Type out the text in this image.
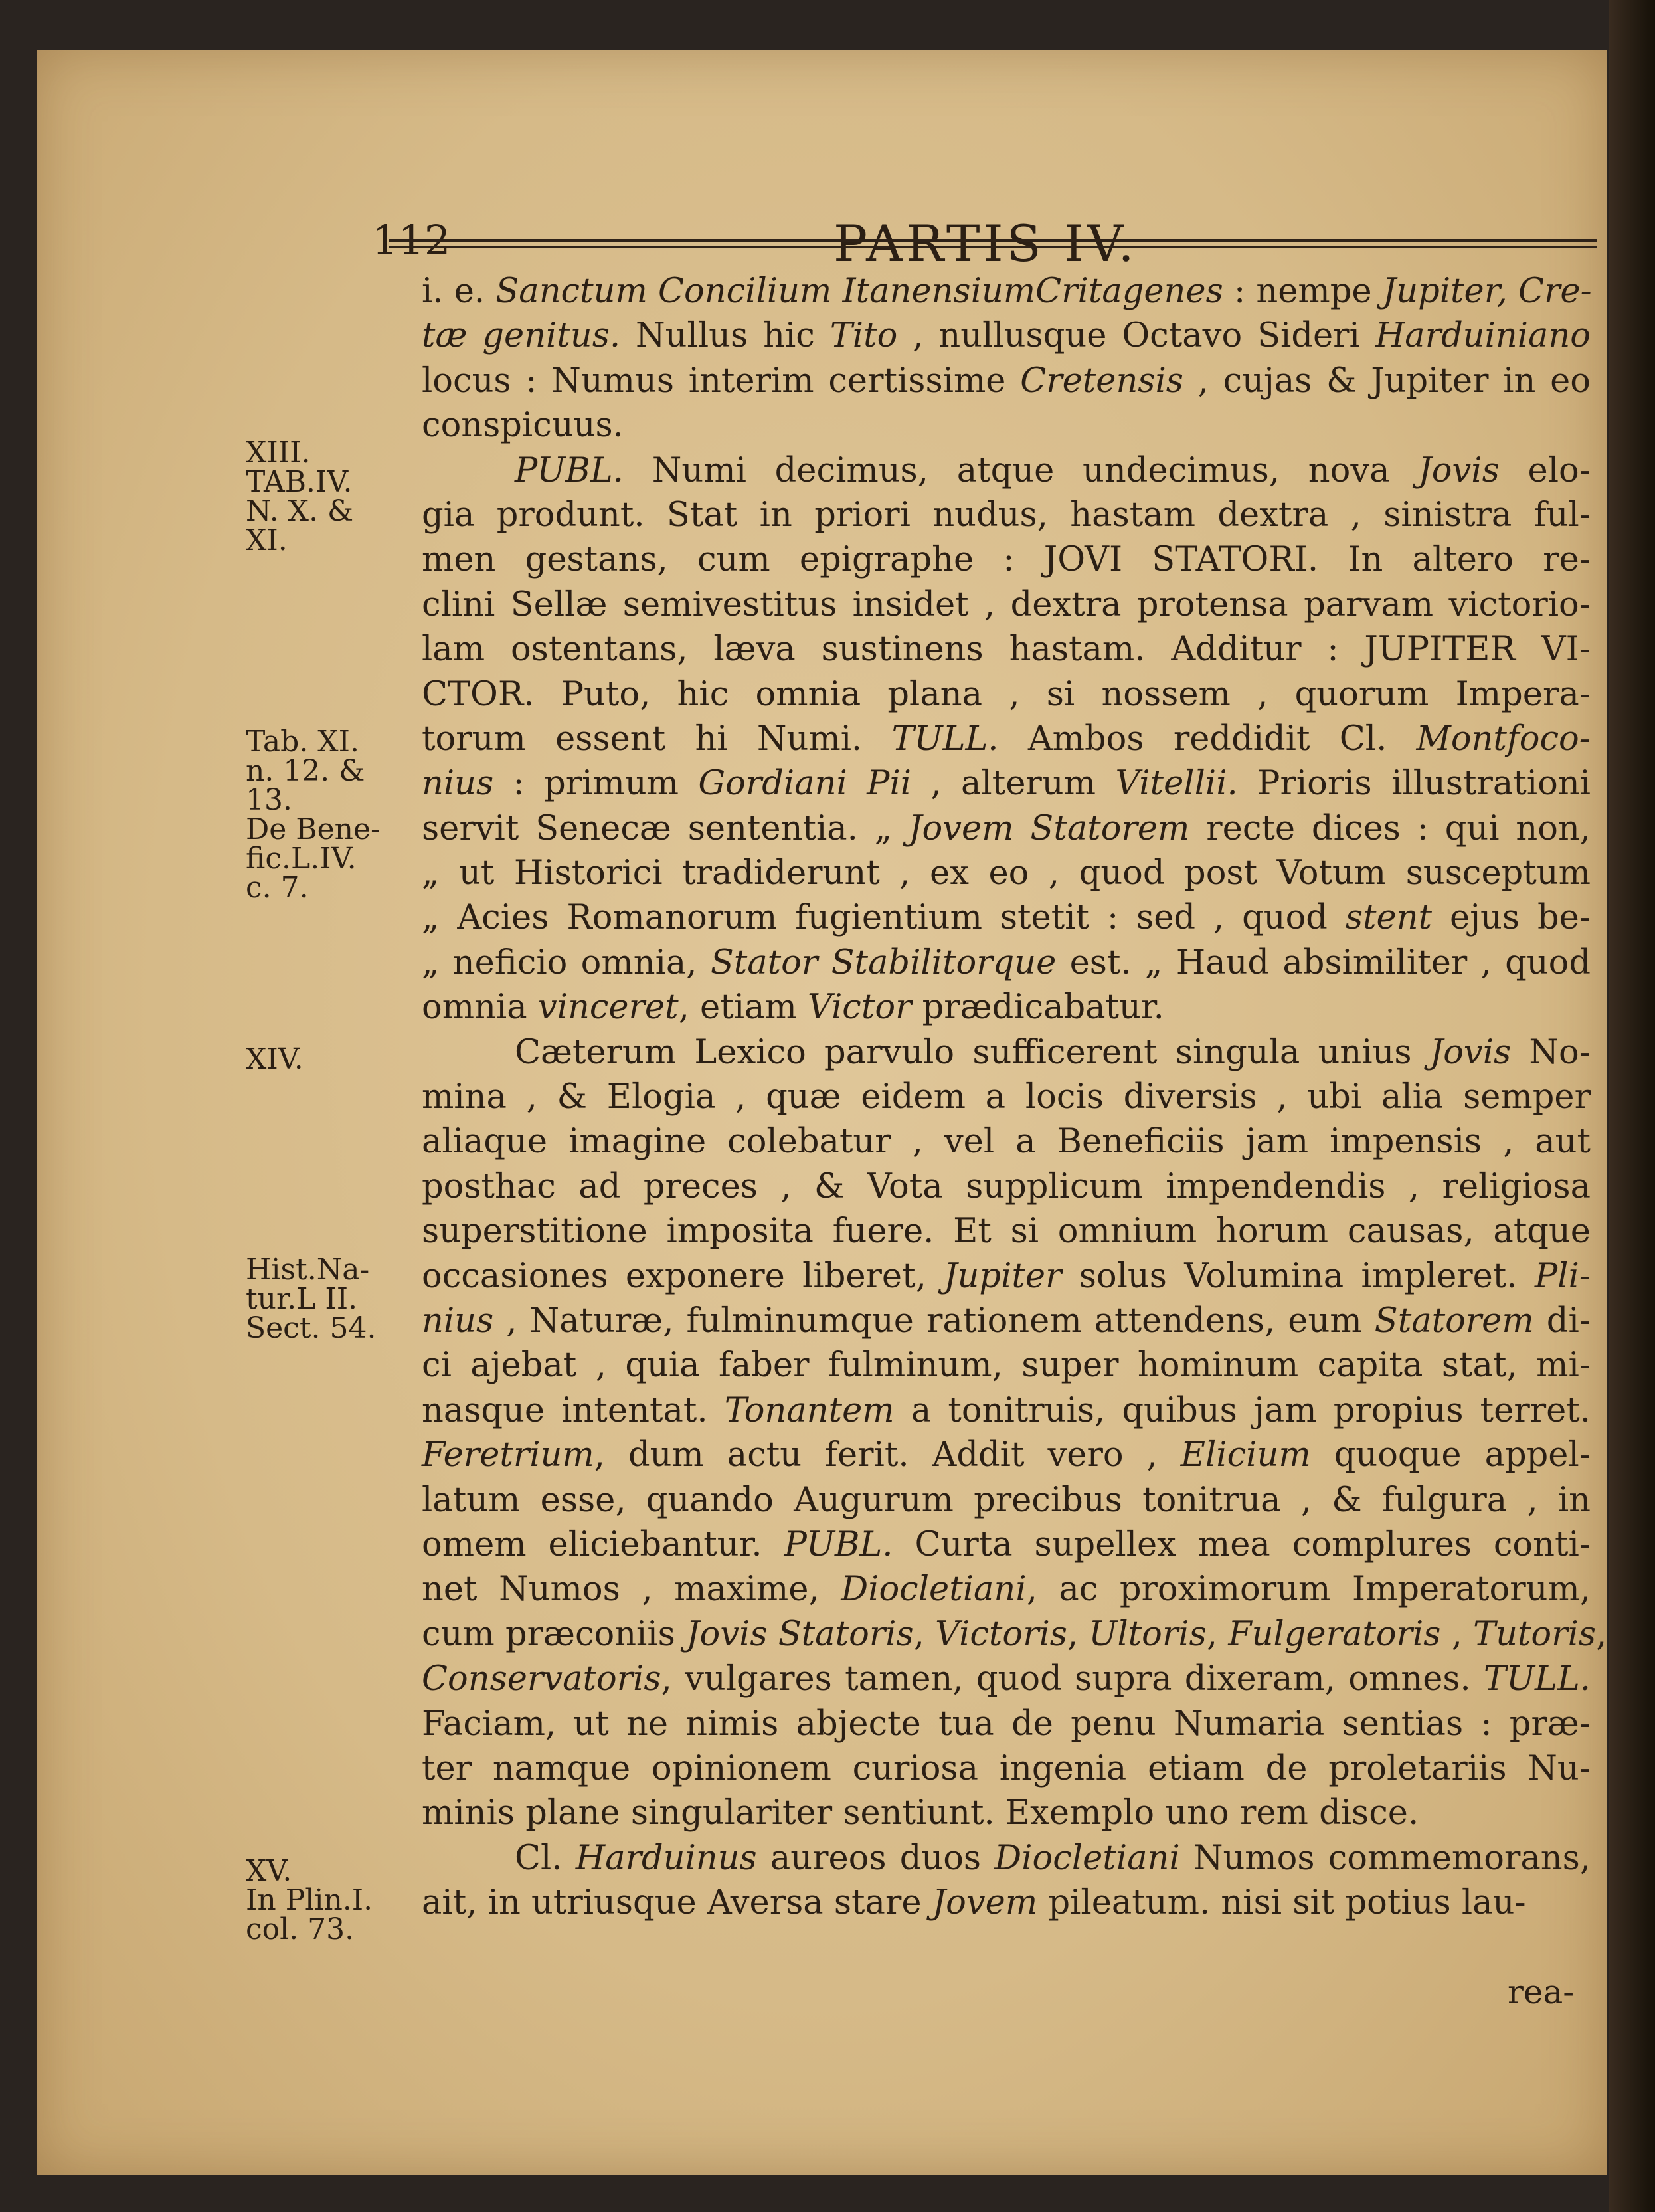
112	PARTIS IV.
XIII.
TAB.IV.
N. X. &
XI.
Tab. XI.
n. 12. &
13.
De Bene-
fic.L.IV.
c. 7.
XIV.
Hist.Na-
tur.L II.
Sect. 54.
XV.
In Plin.I.
col. 73.
i. e. Sanctum Concilium ItanensiumCritagenes : nempe Jupiter, Cre-
tæ genitus. Nullus hic Tito , nullusque Octavo Sideri Harduiniano
locus : Numus interim certissime Cretensis , cujas & Jupiter in eo
conspicuus.
PUBL. Numi decimus, atque undecimus, nova Jovis elo-
gia produnt. Stat in priori nudus, hastam dextra , sinistra ful-
men gestans, cum epigraphe : JOVI STATORI. In altero re-
clini Sellæ semivestitus insidet , dextra protensa parvam victorio-
lam ostentans, læva sustinens hastam. Additur : JUPITER VI-
CTOR. Puto, hic omnia plana , si nossem , quorum Impera-
torum essent hi Numi. TULL. Ambos reddidit Cl. Montfoco-
nius : primum Gordiani Pii , alterum Vitellii. Prioris illustrationi
servit Senecæ sententia. „ Jovem Statorem recte dices : qui non,
„ ut Historici tradiderunt , ex eo , quod post Votum susceptum
„ Acies Romanorum fugientium stetit : sed , quod stent ejus be-
„ neficio omnia, Stator Stabilitorque est. „ Haud absimiliter , quod
omnia vinceret, etiam Victor prædicabatur.
Cæterum Lexico parvulo sufficerent singula unius Jovis No-
mina , & Elogia , quæ eidem a locis diversis , ubi alia semper
aliaque imagine colebatur , vel a Beneficiis jam impensis , aut
posthac ad preces , & Vota supplicum impendendis , religiosa
superstitione imposita fuere. Et si omnium horum causas, atque
occasiones exponere liberet, Jupiter solus Volumina impleret. Pli-
nius , Naturæ, fulminumque rationem attendens, eum Statorem di-
ci ajebat , quia faber fulminum, super hominum capita stat, mi-
nasque intentat. Tonantem a tonitruis, quibus jam propius terret.
Feretrium, dum actu ferit. Addit vero , Elicium quoque appel-
latum esse, quando Augurum precibus tonitrua , & fulgura , in
omem eliciebantur. PUBL. Curta supellex mea complures conti-
net Numos , maxime, Diocletiani, ac proximorum Imperatorum,
cum præconiis Jovis Statoris, Victoris, Ultoris, Fulgeratoris , Tutoris,
Conservatoris, vulgares tamen, quod supra dixeram, omnes. TULL.
Faciam, ut ne nimis abjecte tua de penu Numaria sentias : præ-
ter namque opinionem curiosa ingenia etiam de proletariis Nu-
minis plane singulariter sentiunt. Exemplo uno rem disce.
Cl. Harduinus aureos duos Diocletiani Numos commemorans,
ait, in utriusque Aversa stare Jovem pileatum. nisi sit potius lau-
rea-
